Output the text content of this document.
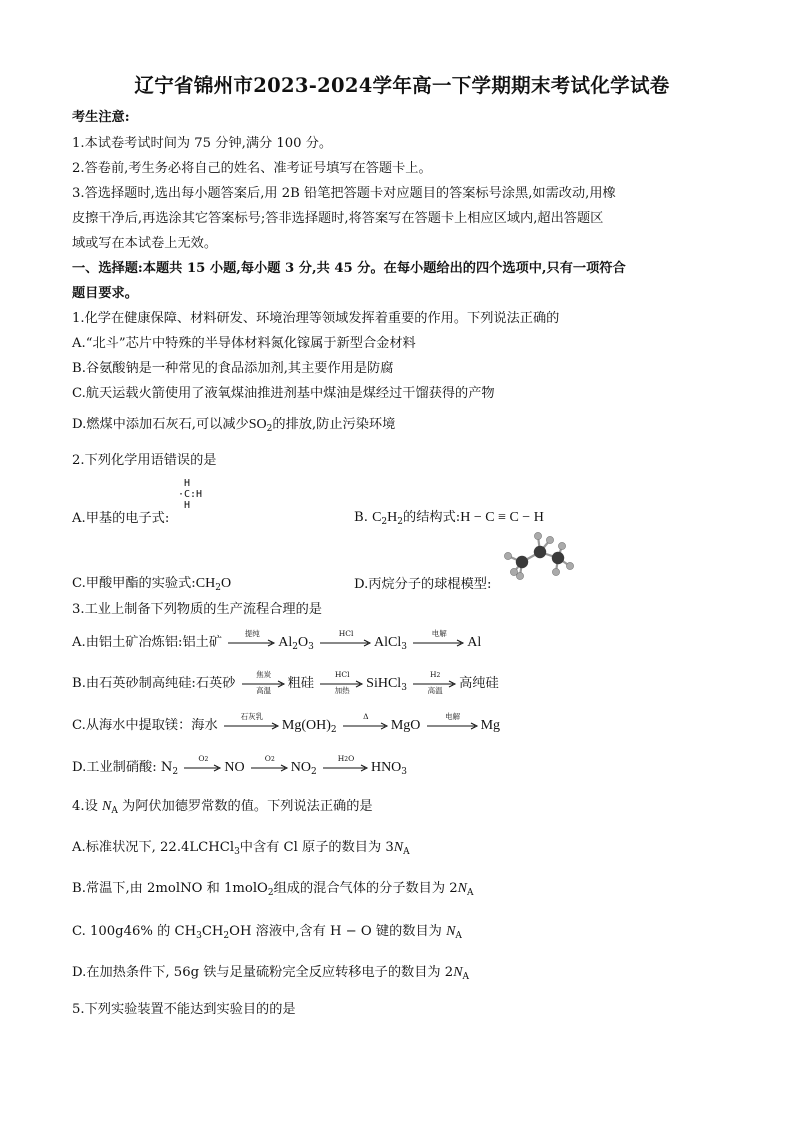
辽宁省锦州市2023-2024学年高一下学期期末考试化学试卷
考生注意:
1.本试卷考试时间为 75 分钟,满分 100 分。
2.答卷前,考生务必将自己的姓名、准考证号填写在答题卡上。
3.答选择题时,选出每小题答案后,用 2B 铅笔把答题卡对应题目的答案标号涂黑,如需改动,用橡
皮擦干净后,再选涂其它答案标号;答非选择题时,将答案写在答题卡上相应区域内,超出答题区
域或写在本试卷上无效。
一、选择题:本题共 15 小题,每小题 3 分,共 45 分。在每小题给出的四个选项中,只有一项符合
题目要求。
1.化学在健康保障、材料研发、环境治理等领域发挥着重要的作用。下列说法正确的
A.“北斗”芯片中特殊的半导体材料氮化镓属于新型合金材料
B.谷氨酸钠是一种常见的食品添加剂,其主要作用是防腐
C.航天运载火箭使用了液氧煤油推进剂基中煤油是煤经过干馏获得的产物
D.燃煤中添加石灰石,可以减少$SO_2$的排放,防止污染环境
2.下列化学用语错误的是
H
·C:H
H
A.甲基的电子式:	B. $C_2H_2$的结构式:H − C ≡ C − H
C.甲酸甲酯的实验式$:CH_2O$	D.丙烷分子的球棍模型:
3.工业上制备下列物质的生产流程合理的是
A.由铝土矿冶炼铝:铝土矿
提纯
$Al_2O_3$
HCl
AlCl$_3$
电解
Al
B.由石英砂制高纯硅:石英砂
焦炭
高温	粗硅
HCl
加热	SiHCl$_3$
H2
高温	高纯硅
C.从海水中提取镁：海水
石灰乳
$Mg(OH)_2$
Δ
MgO
电解
Mg
D.工业制硝酸: $N_2$
O2
NO
O2
$NO_2$
H2O
$HNO_3$
4.设 $N_A$ 为阿伏加德罗常数的值。下列说法正确的是
A.标准状况下, 22.4LCHCl$_3$中含有 Cl 原子的数目为 $3N_A$
B.常温下,由 2molNO 和 1molO$_2$组成的混合气体的分子数目为 $2N_A$
C. 100g46% 的 $CH_3CH_2OH$ 溶液中,含有 H − O 键的数目为 $N_A$
D.在加热条件下, 56g 铁与足量硫粉完全反应转移电子的数目为 $2N_A$
5.下列实验装置不能达到实验目的的是
